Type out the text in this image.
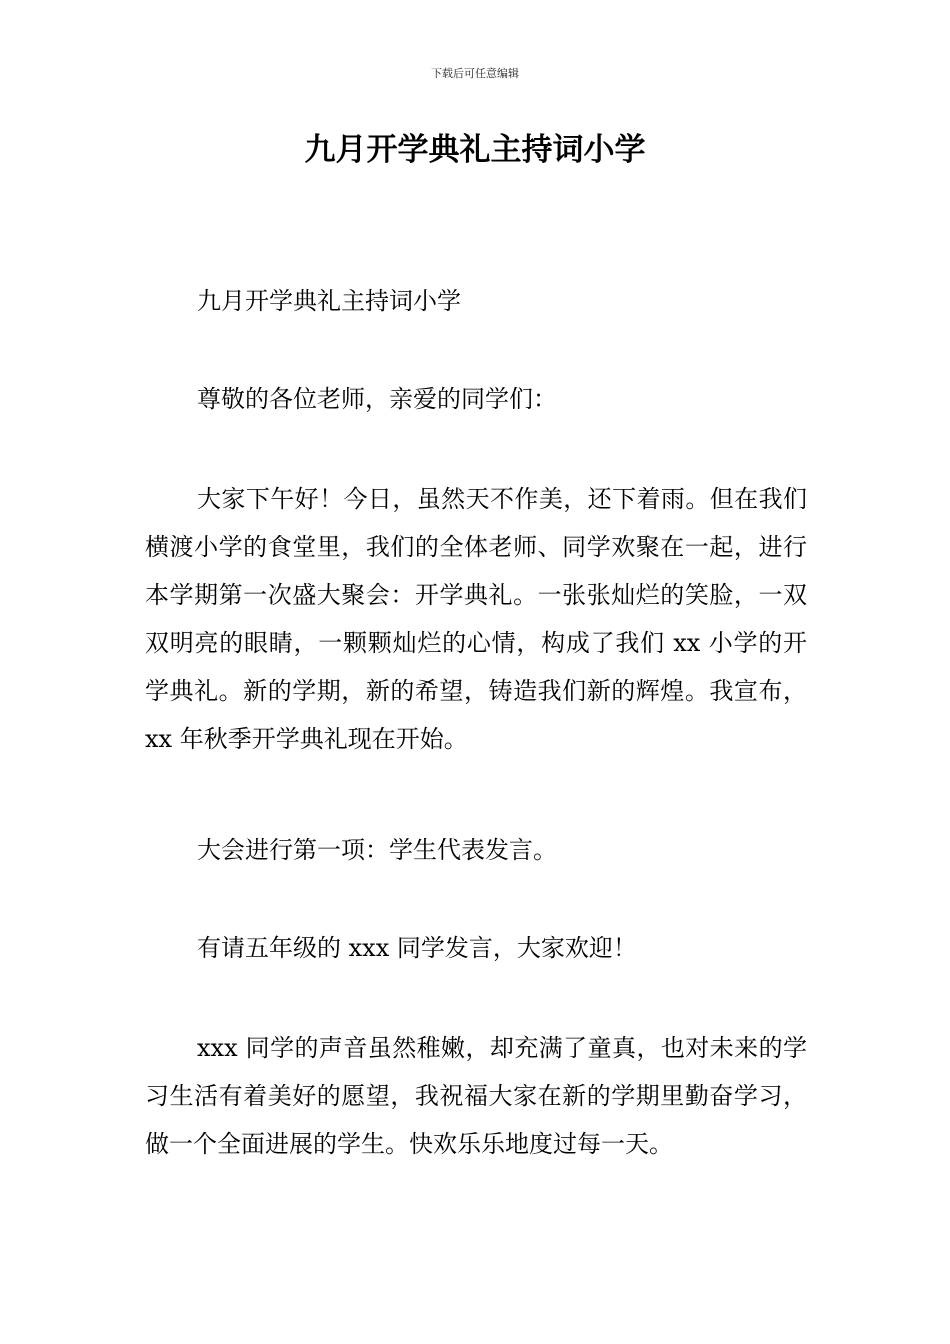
下载后可任意编辑
九月开学典礼主持词小学

九月开学典礼主持词小学

尊敬的各位老师，亲爱的同学们：

大家下午好！今日，虽然天不作美，还下着雨。但在我们横渡小学的食堂里，我们的全体老师、同学欢聚在一起，进行本学期第一次盛大聚会：开学典礼。一张张灿烂的笑脸，一双双明亮的眼睛，一颗颗灿烂的心情，构成了我们 xx 小学的开学典礼。新的学期，新的希望，铸造我们新的辉煌。我宣布，xx 年秋季开学典礼现在开始。

大会进行第一项：学生代表发言。

有请五年级的 xxx 同学发言，大家欢迎！

xxx 同学的声音虽然稚嫩，却充满了童真，也对未来的学习生活有着美好的愿望，我祝福大家在新的学期里勤奋学习，做一个全面进展的学生。快欢乐乐地度过每一天。
